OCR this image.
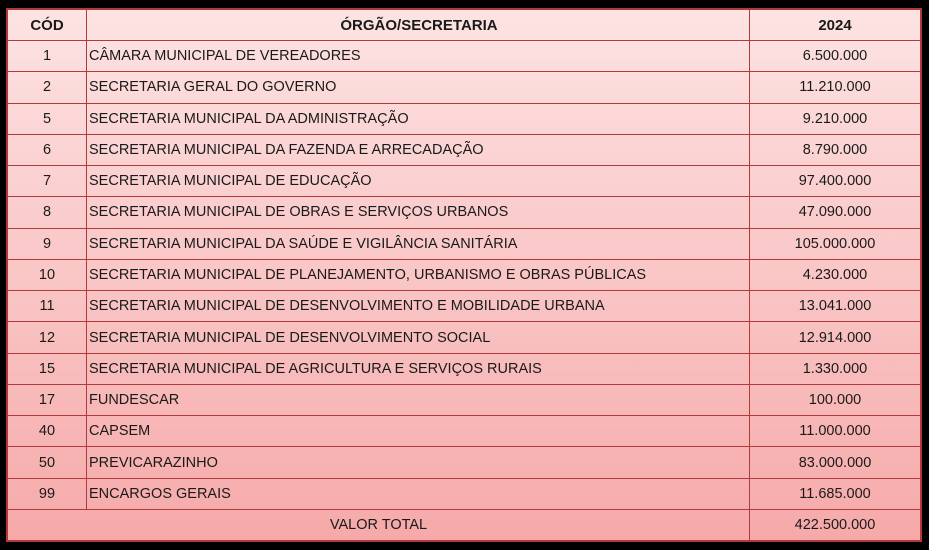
CÓD	ÓRGÃO/SECRETARIA	2024
1	CÂMARA MUNICIPAL DE VEREADORES	6.500.000
2	SECRETARIA GERAL DO GOVERNO	11.210.000
5	SECRETARIA MUNICIPAL DA ADMINISTRAÇÃO	9.210.000
6	SECRETARIA MUNICIPAL DA FAZENDA E ARRECADAÇÃO	8.790.000
7	SECRETARIA MUNICIPAL DE EDUCAÇÃO	97.400.000
8	SECRETARIA MUNICIPAL DE OBRAS E SERVIÇOS URBANOS	47.090.000
9	SECRETARIA MUNICIPAL DA SAÚDE E VIGILÂNCIA SANITÁRIA	105.000.000
10	SECRETARIA MUNICIPAL DE PLANEJAMENTO, URBANISMO E OBRAS PÚBLICAS	4.230.000
11	SECRETARIA MUNICIPAL DE DESENVOLVIMENTO E MOBILIDADE URBANA	13.041.000
12	SECRETARIA MUNICIPAL DE DESENVOLVIMENTO SOCIAL	12.914.000
15	SECRETARIA MUNICIPAL DE AGRICULTURA E SERVIÇOS RURAIS	1.330.000
17	FUNDESCAR	100.000
40	CAPSEM	11.000.000
50	PREVICARAZINHO	83.000.000
99	ENCARGOS GERAIS	11.685.000
VALOR TOTAL		422.500.000
